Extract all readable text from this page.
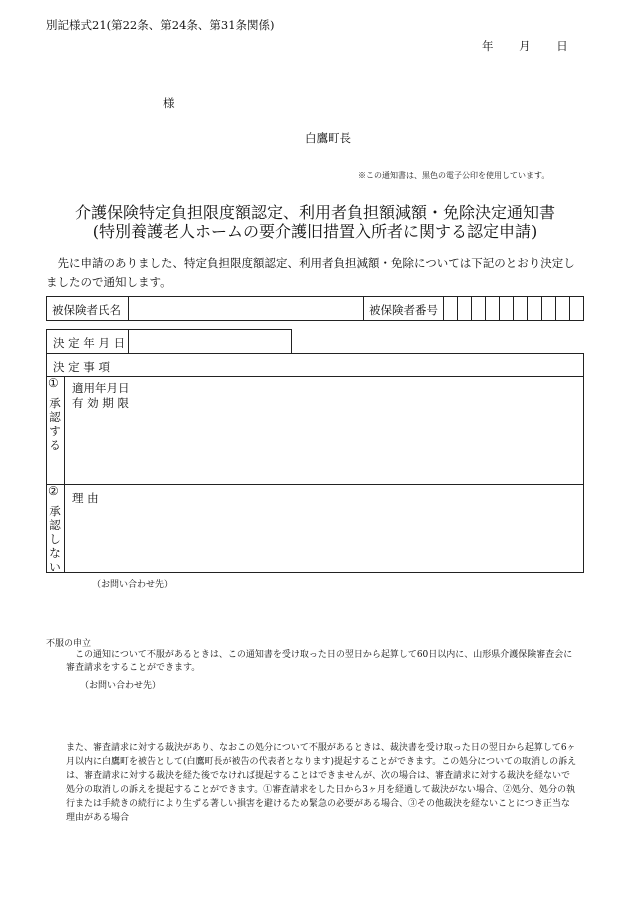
別記様式21(第22条、第24条、第31条関係)
年 月 日
様
白鷹町長
※この通知書は、黒色の電子公印を使用しています。
介護保険特定負担限度額認定、利用者負担額減額・免除決定通知書
(特別養護老人ホームの要介護旧措置入所者に関する認定申請)
先に申請のありました、特定負担限度額認定、利用者負担減額・免除については下記のとおり決定しましたので通知します。
被保険者氏名	被保険者番号
決 定 年 月 日
決 定 事 項
①
承認する
適用年月日
有 効 期 限
②
承認しない
理 由
（お問い合わせ先）
不服の申立
この通知について不服があるときは、この通知書を受け取った日の翌日から起算して60日以内に、山形県介護保険審査会に審査請求をすることができます。
（お問い合わせ先）
また、審査請求に対する裁決があり、なおこの処分について不服があるときは、裁決書を受け取った日の翌日から起算して6ヶ月以内に白鷹町を被告として(白鷹町長が被告の代表者となります)提起することができます。この処分についての取消しの訴えは、審査請求に対する裁決を経た後でなければ提起することはできませんが、次の場合は、審査請求に対する裁決を経ないで処分の取消しの訴えを提起することができます。①審査請求をした日から3ヶ月を経過して裁決がない場合、②処分、処分の執行または手続きの続行により生ずる著しい損害を避けるため緊急の必要がある場合、③その他裁決を経ないことにつき正当な理由がある場合
